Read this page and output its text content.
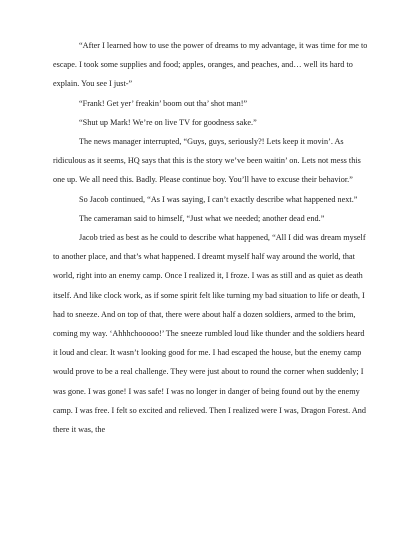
“After I learned how to use the power of dreams to my advantage, it was time for me to escape. I took some supplies and food; apples, oranges, and peaches, and… well its hard to explain. You see I just-”

“Frank! Get yer’ freakin’ boom out tha’ shot man!”

“Shut up Mark! We’re on live TV for goodness sake.”

The news manager interrupted, “Guys, guys, seriously?! Lets keep it movin’. As ridiculous as it seems, HQ says that this is the story we’ve been waitin’ on. Lets not mess this one up. We all need this. Badly. Please continue boy. You’ll have to excuse their behavior.”

So Jacob continued, “As I was saying, I can’t exactly describe what happened next.”

The cameraman said to himself, “Just what we needed; another dead end.”

Jacob tried as best as he could to describe what happened, “All I did was dream myself to another place, and that’s what happened. I dreamt myself half way around the world, that world, right into an enemy camp. Once I realized it, I froze. I was as still and as quiet as death itself. And like clock work, as if some spirit felt like turning my bad situation to life or death, I had to sneeze. And on top of that, there were about half a dozen soldiers, armed to the brim, coming my way. ‘Ahhhchooooo!’ The sneeze rumbled loud like thunder and the soldiers heard it loud and clear. It wasn’t looking good for me. I had escaped the house, but the enemy camp would prove to be a real challenge. They were just about to round the corner when suddenly; I was gone. I was gone! I was safe! I was no longer in danger of being found out by the enemy camp. I was free. I felt so excited and relieved. Then I realized were I was, Dragon Forest. And there it was, the
